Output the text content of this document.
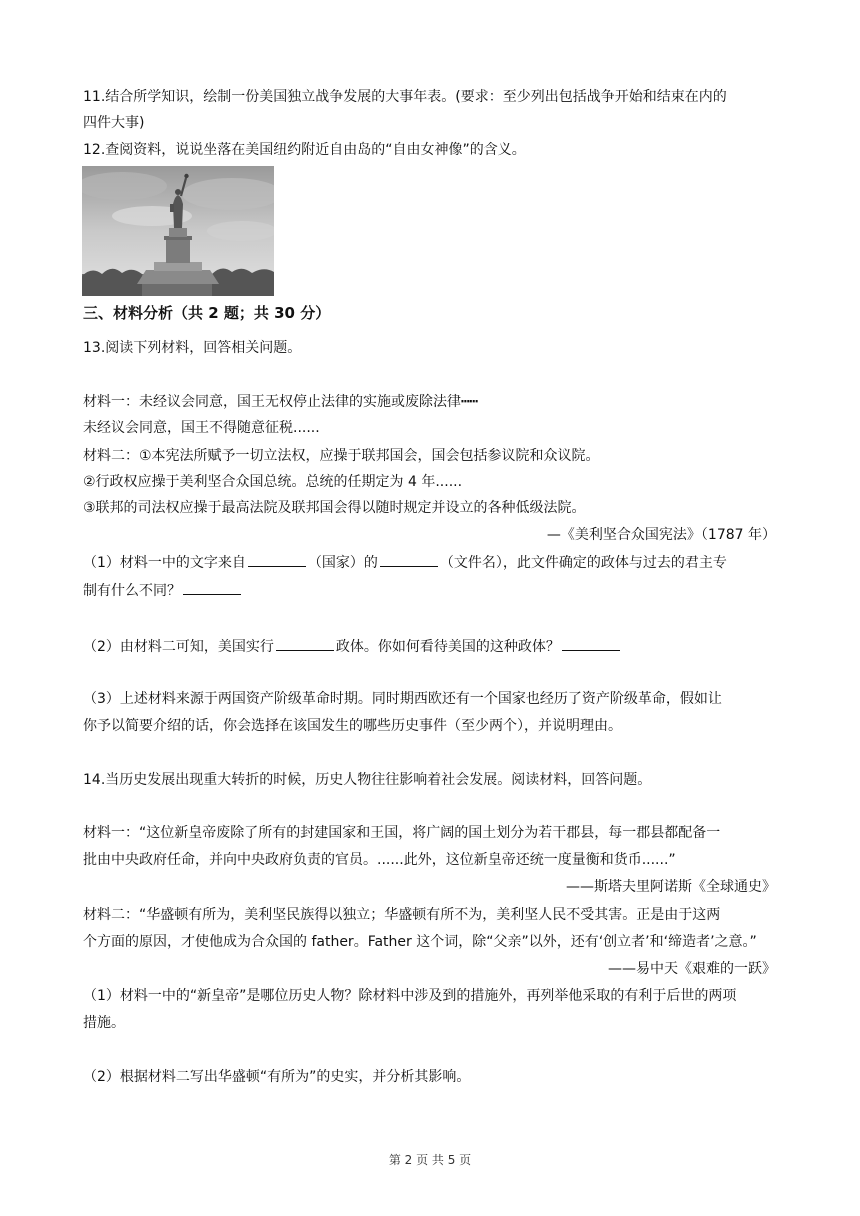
11.结合所学知识，绘制一份美国独立战争发展的大事年表。(要求：至少列出包括战争开始和结束在内的
四件大事)
12.查阅资料，说说坐落在美国纽约附近自由岛的“自由女神像”的含义。
三、材料分析（共 2 题；共 30 分）
13.阅读下列材料，回答相关问题。
材料一：未经议会同意，国王无权停止法律的实施或废除法律┅┅
未经议会同意，国王不得随意征税......
材料二：①本宪法所赋予一切立法权，应操于联邦国会，国会包括参议院和众议院。
②行政权应操于美利坚合众国总统。总统的任期定为 4 年......
③联邦的司法权应操于最高法院及联邦国会得以随时规定并设立的各种低级法院。
—《美利坚合众国宪法》（1787 年）
（1）材料一中的文字来自	（国家）的	（文件名），此文件确定的政体与过去的君主专
制有什么不同？
（2）由材料二可知，美国实行	政体。你如何看待美国的这种政体？
（3）上述材料来源于两国资产阶级革命时期。同时期西欧还有一个国家也经历了资产阶级革命，假如让
你予以简要介绍的话，你会选择在该国发生的哪些历史事件（至少两个），并说明理由。
14.当历史发展出现重大转折的时候，历史人物往往影响着社会发展。阅读材料，回答问题。
材料一：“这位新皇帝废除了所有的封建国家和王国，将广阔的国土划分为若干郡县，每一郡县都配备一
批由中央政府任命，并向中央政府负责的官员。......此外，这位新皇帝还统一度量衡和货币......”
——斯塔夫里阿诺斯《全球通史》
材料二：“华盛顿有所为，美利坚民族得以独立；华盛顿有所不为，美利坚人民不受其害。正是由于这两
个方面的原因，才使他成为合众国的 father。Father 这个词，除“父亲”以外，还有‘创立者’和‘缔造者’之意。”
——易中天《艰难的一跃》
（1）材料一中的“新皇帝”是哪位历史人物？除材料中涉及到的措施外，再列举他采取的有利于后世的两项
措施。
（2）根据材料二写出华盛顿“有所为”的史实，并分析其影响。
第 2 页 共 5 页
